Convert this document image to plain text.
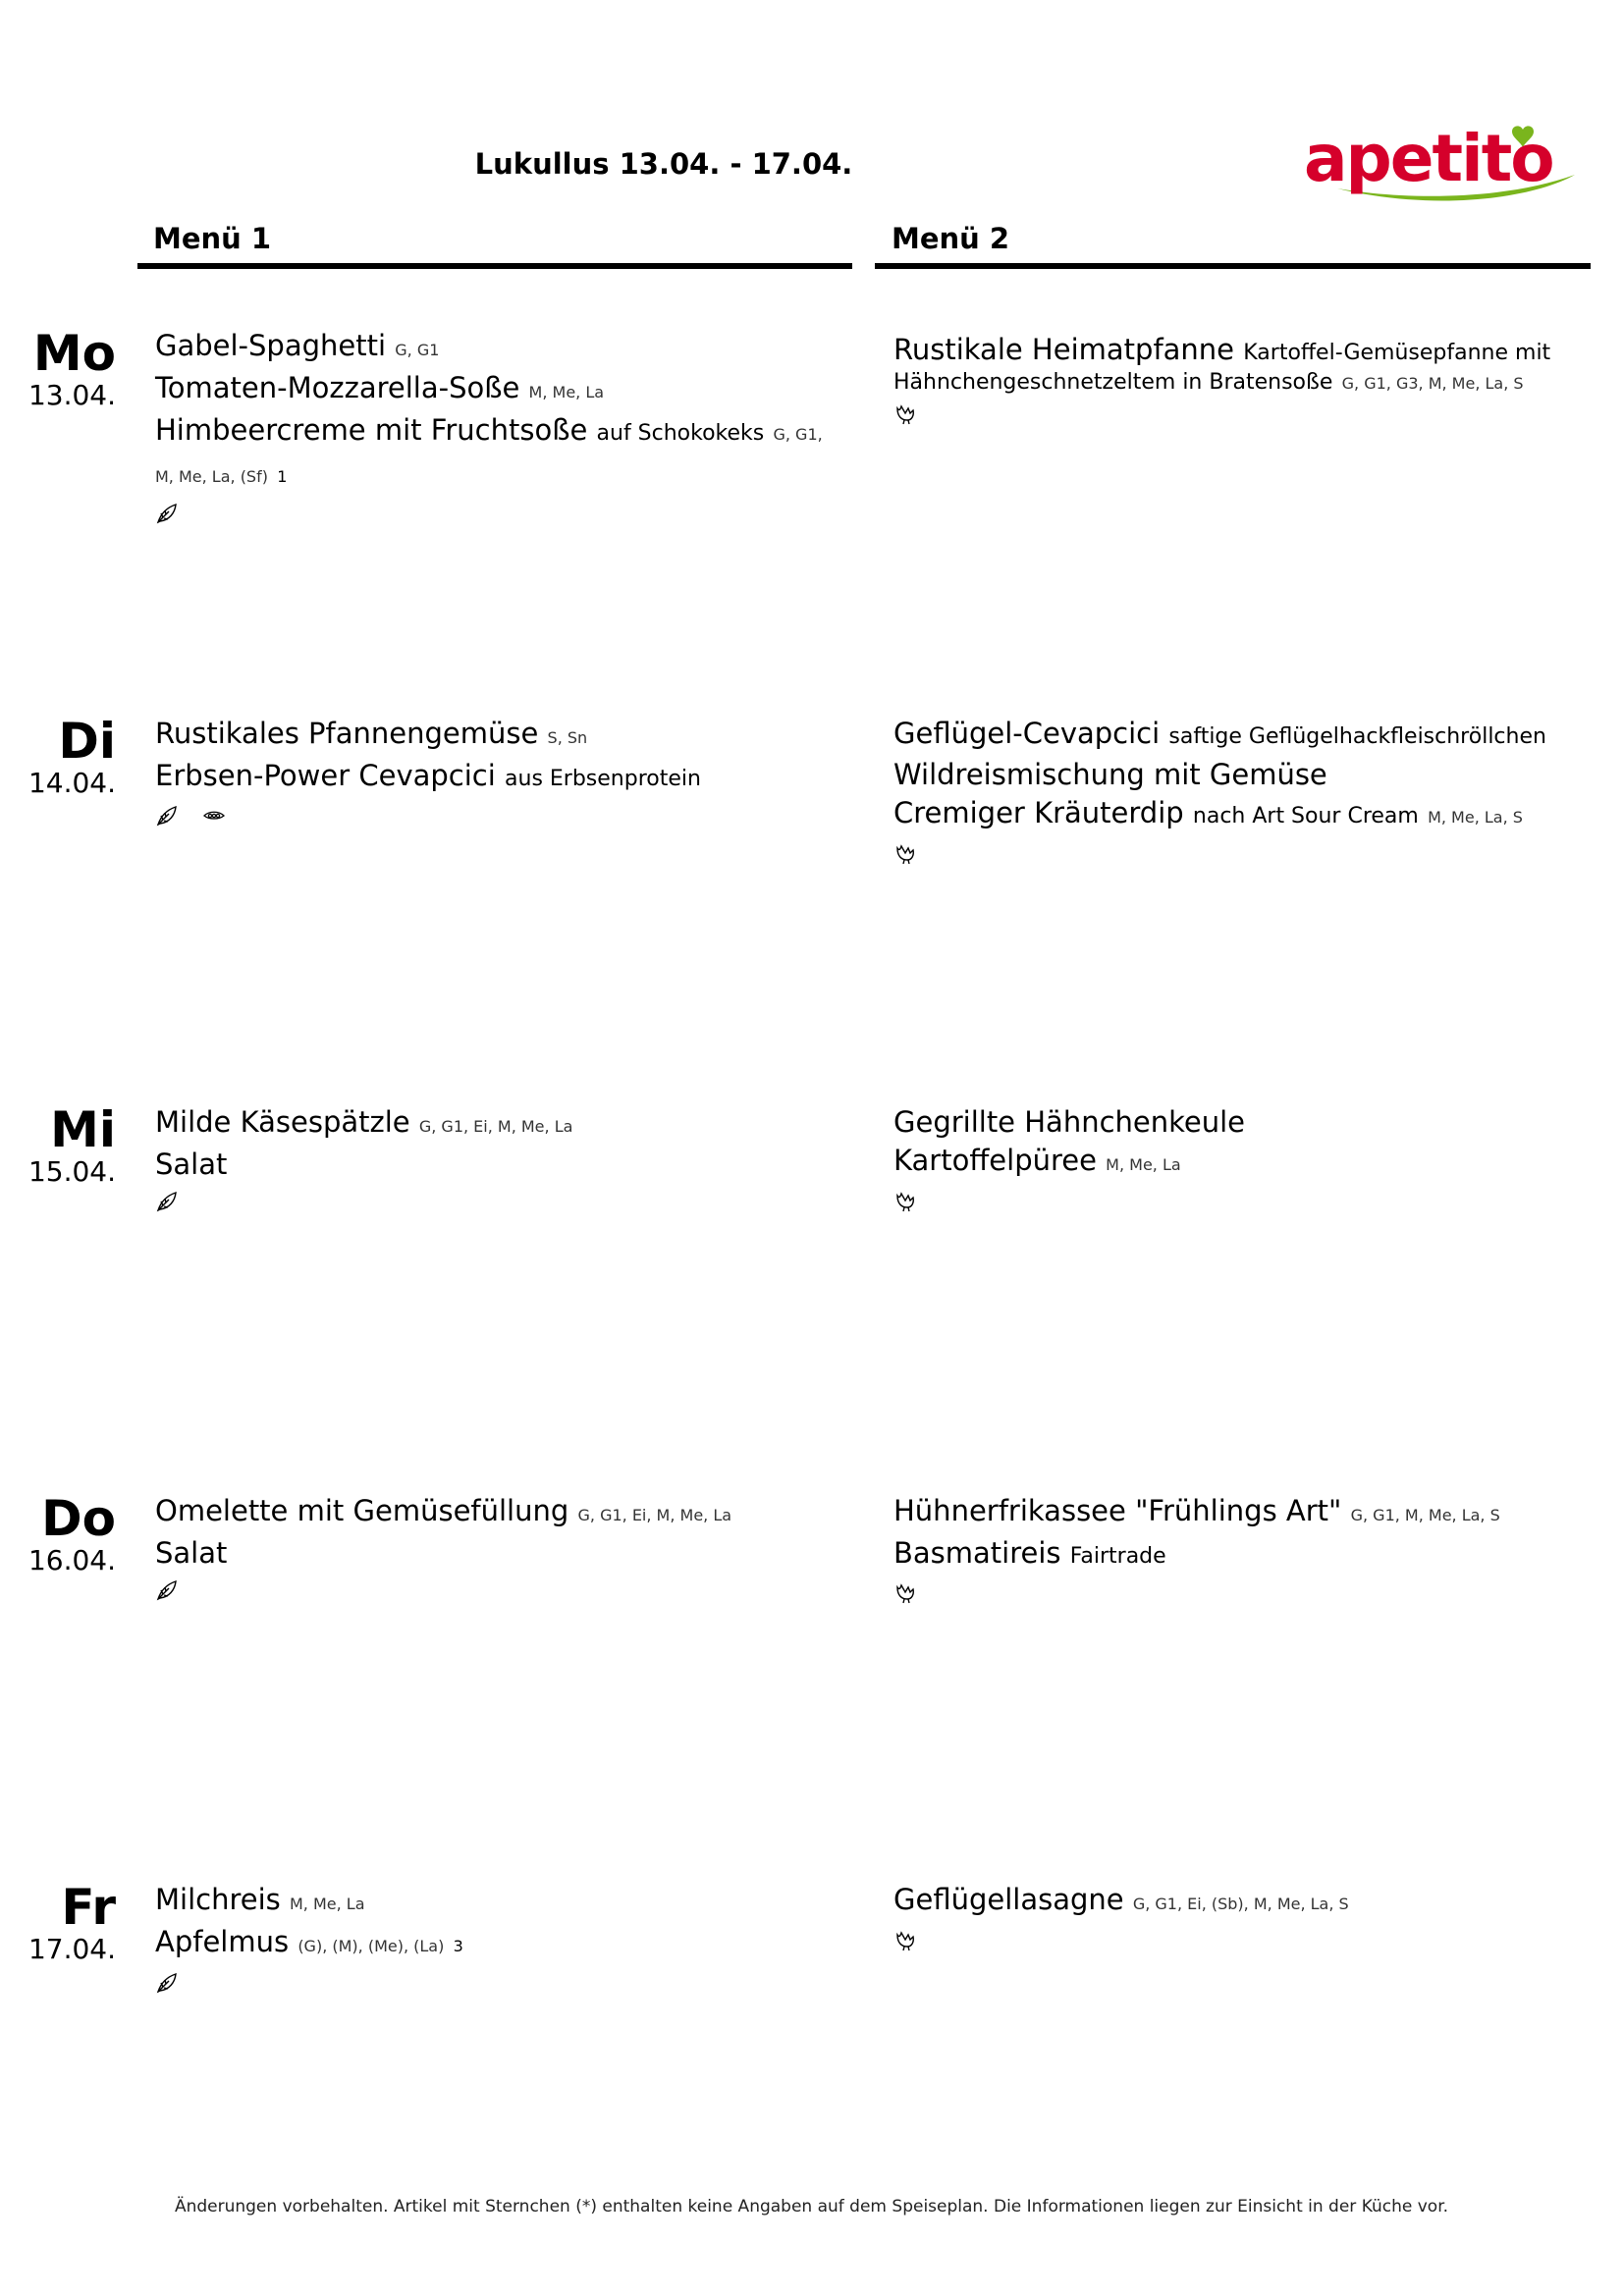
Lukullus 13.04. - 17.04.	apetito
Menü 1	Menü 2
Mo
13.04.
Gabel-Spaghetti G, G1
Tomaten-Mozzarella-Soße M, Me, La
Himbeercreme mit Fruchtsoße auf Schokokeks G, G1, M, Me, La, (Sf) 1
Rustikale Heimatpfanne Kartoffel-Gemüsepfanne mit Hähnchengeschnetzeltem in Bratensoße G, G1, G3, M, Me, La, S
Di
14.04.
Rustikales Pfannengemüse S, Sn
Erbsen-Power Cevapcici aus Erbsenprotein
Geflügel-Cevapcici saftige Geflügelhackfleischröllchen
Wildreismischung mit Gemüse
Cremiger Kräuterdip nach Art Sour Cream M, Me, La, S
Mi
15.04.
Milde Käsespätzle G, G1, Ei, M, Me, La
Salat
Gegrillte Hähnchenkeule
Kartoffelpüree M, Me, La
Do
16.04.
Omelette mit Gemüsefüllung G, G1, Ei, M, Me, La
Salat
Hühnerfrikassee "Frühlings Art" G, G1, M, Me, La, S
Basmatireis Fairtrade
Fr
17.04.
Milchreis M, Me, La
Apfelmus (G), (M), (Me), (La) 3
Geflügellasagne G, G1, Ei, (Sb), M, Me, La, S
Änderungen vorbehalten. Artikel mit Sternchen (*) enthalten keine Angaben auf dem Speiseplan. Die Informationen liegen zur Einsicht in der Küche vor.
